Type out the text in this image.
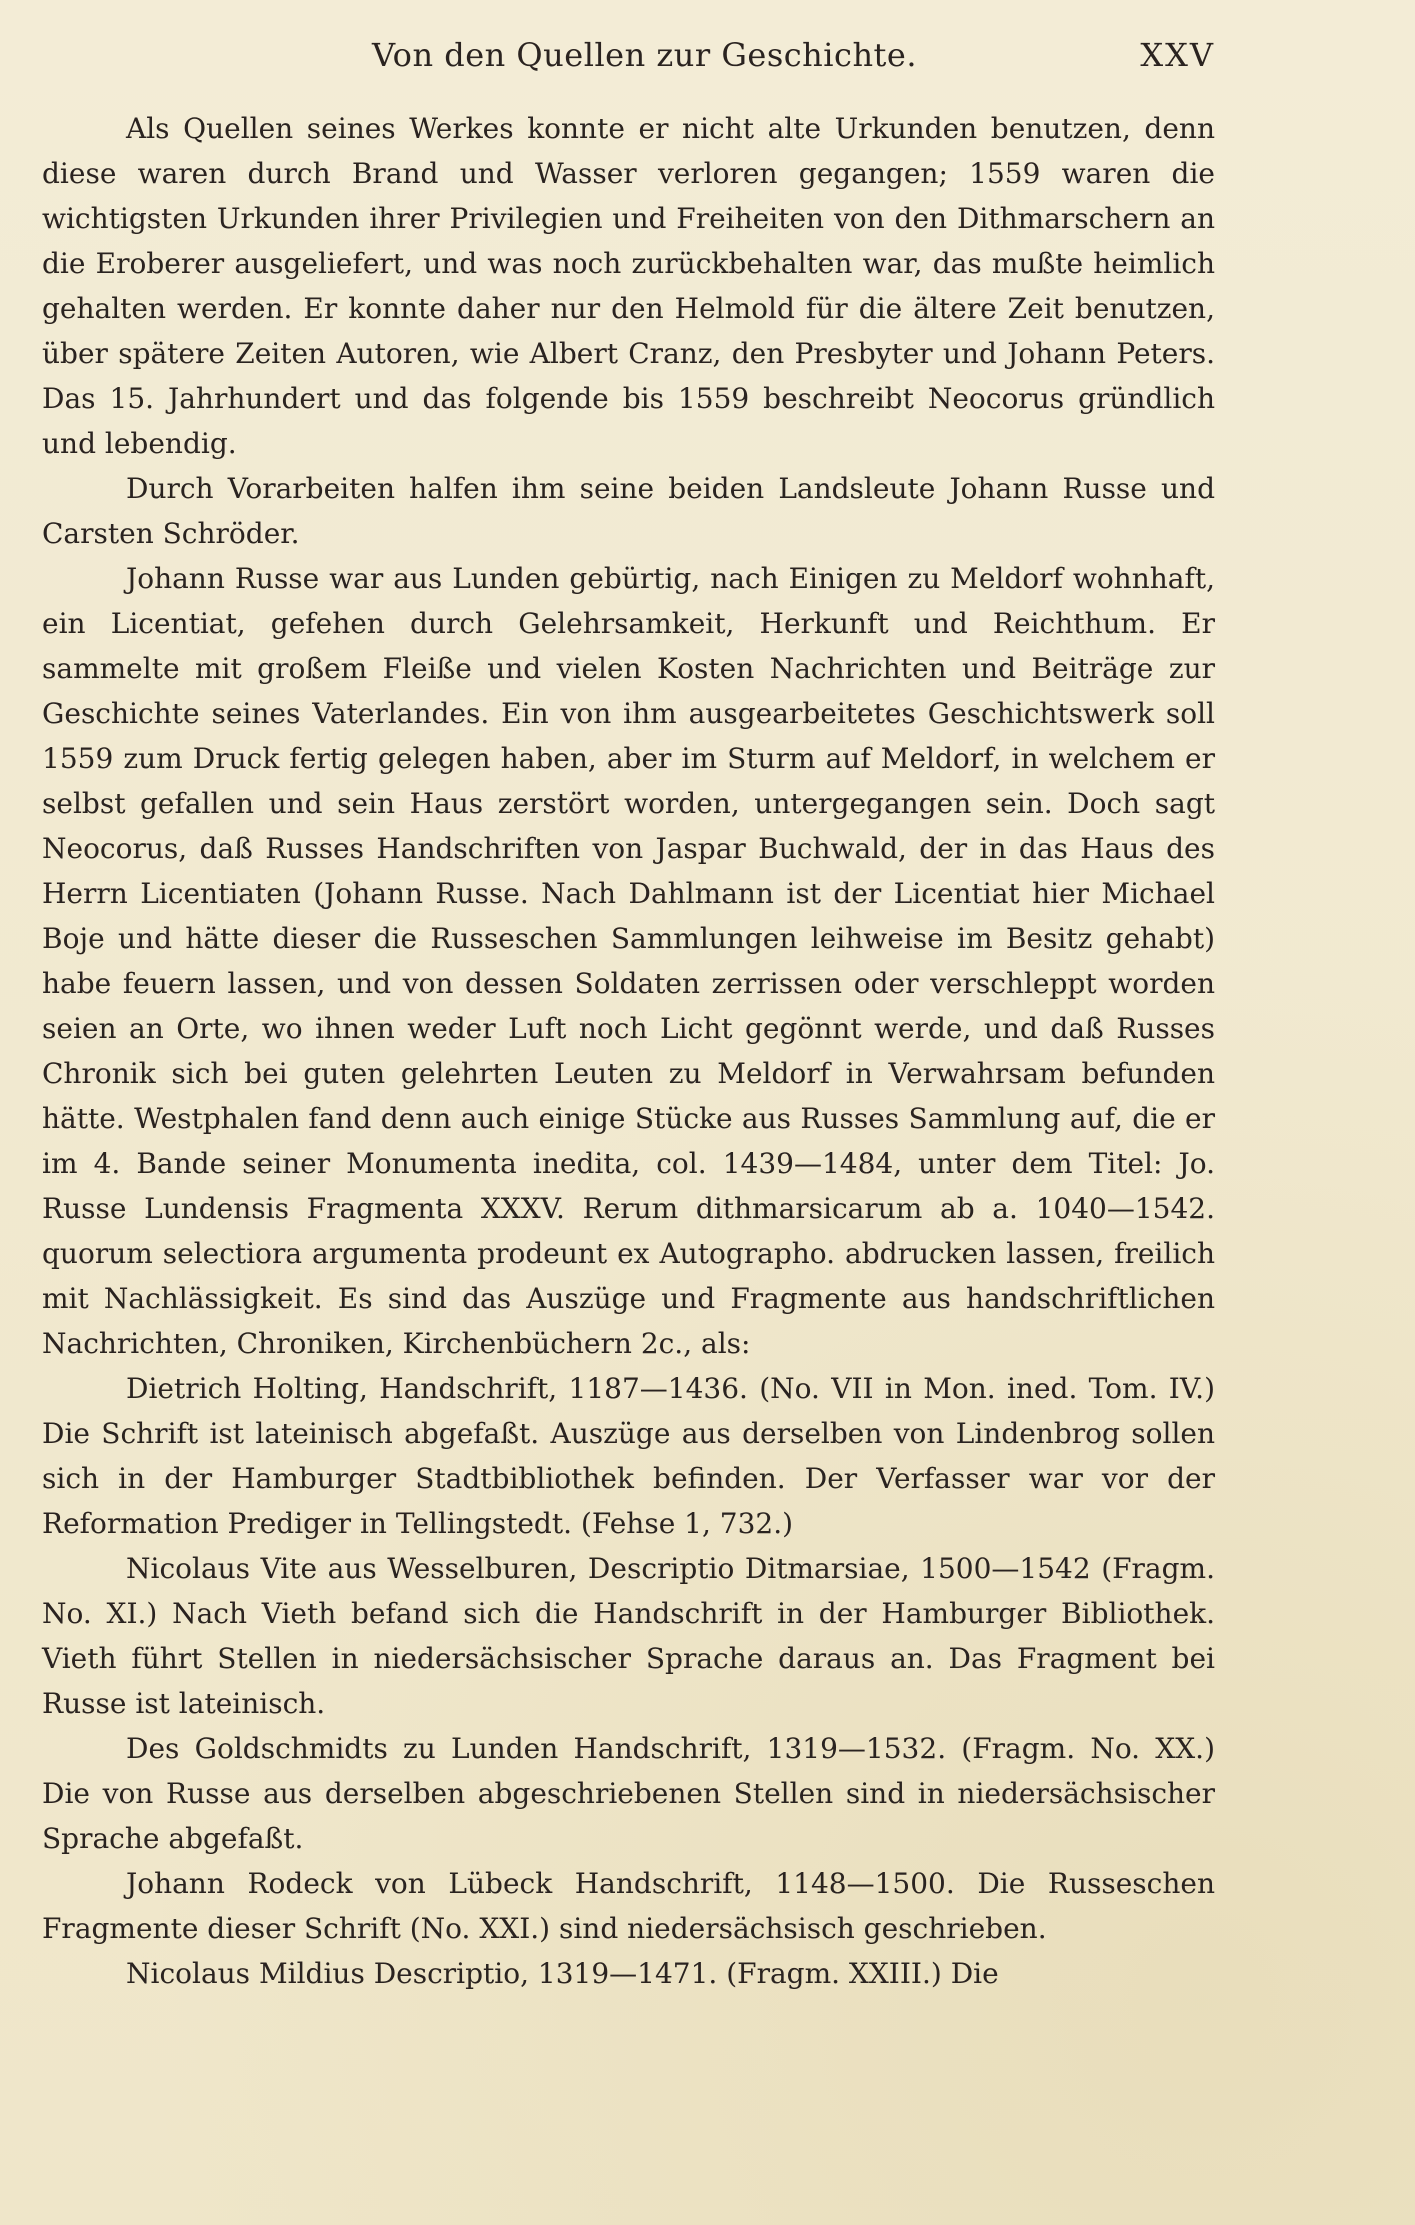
Von den Quellen zur Geschichte.	XXV

Als Quellen seines Werkes konnte er nicht alte Urkunden benutzen, denn diese waren durch Brand und Wasser verloren gegangen; 1559 waren die wichtigsten Urkunden ihrer Privilegien und Freiheiten von den Dithmarschern an die Eroberer ausgeliefert, und was noch zurückbehalten war, das mußte heimlich gehalten werden. Er konnte daher nur den Helmold für die ältere Zeit benutzen, über spätere Zeiten Autoren, wie Albert Cranz, den Presbyter und Johann Peters. Das 15. Jahrhundert und das folgende bis 1559 beschreibt Neocorus gründlich und lebendig.

Durch Vorarbeiten halfen ihm seine beiden Landsleute Johann Russe und Carsten Schröder.

Johann Russe war aus Lunden gebürtig, nach Einigen zu Meldorf wohnhaft, ein Licentiat, gefehen durch Gelehrsamkeit, Herkunft und Reichthum. Er sammelte mit großem Fleiße und vielen Kosten Nachrichten und Beiträge zur Geschichte seines Vaterlandes. Ein von ihm ausgearbeitetes Geschichtswerk soll 1559 zum Druck fertig gelegen haben, aber im Sturm auf Meldorf, in welchem er selbst gefallen und sein Haus zerstört worden, untergegangen sein. Doch sagt Neocorus, daß Russes Handschriften von Jaspar Buchwald, der in das Haus des Herrn Licentiaten (Johann Russe. Nach Dahlmann ist der Licentiat hier Michael Boje und hätte dieser die Russeschen Sammlungen leihweise im Besitz gehabt) habe feuern lassen, und von dessen Soldaten zerrissen oder verschleppt worden seien an Orte, wo ihnen weder Luft noch Licht gegönnt werde, und daß Russes Chronik sich bei guten gelehrten Leuten zu Meldorf in Verwahrsam befunden hätte. Westphalen fand denn auch einige Stücke aus Russes Sammlung auf, die er im 4. Bande seiner Monumenta inedita, col. 1439—1484, unter dem Titel: Jo. Russe Lundensis Fragmenta XXXV. Rerum dithmarsicarum ab a. 1040—1542. quorum selectiora argumenta prodeunt ex Autographo. abdrucken lassen, freilich mit Nachlässigkeit. Es sind das Auszüge und Fragmente aus handschriftlichen Nachrichten, Chroniken, Kirchenbüchern 2c., als:

Dietrich Holting, Handschrift, 1187—1436. (No. VII in Mon. ined. Tom. IV.) Die Schrift ist lateinisch abgefaßt. Auszüge aus derselben von Lindenbrog sollen sich in der Hamburger Stadtbibliothek befinden. Der Verfasser war vor der Reformation Prediger in Tellingstedt. (Fehse 1, 732.)

Nicolaus Vite aus Wesselburen, Descriptio Ditmarsiae, 1500—1542 (Fragm. No. XI.) Nach Vieth befand sich die Handschrift in der Hamburger Bibliothek. Vieth führt Stellen in niedersächsischer Sprache daraus an. Das Fragment bei Russe ist lateinisch.

Des Goldschmidts zu Lunden Handschrift, 1319—1532. (Fragm. No. XX.) Die von Russe aus derselben abgeschriebenen Stellen sind in niedersächsischer Sprache abgefaßt.

Johann Rodeck von Lübeck Handschrift, 1148—1500. Die Russeschen Fragmente dieser Schrift (No. XXI.) sind niedersächsisch geschrieben.

Nicolaus Mildius Descriptio, 1319—1471. (Fragm. XXIII.) Die
